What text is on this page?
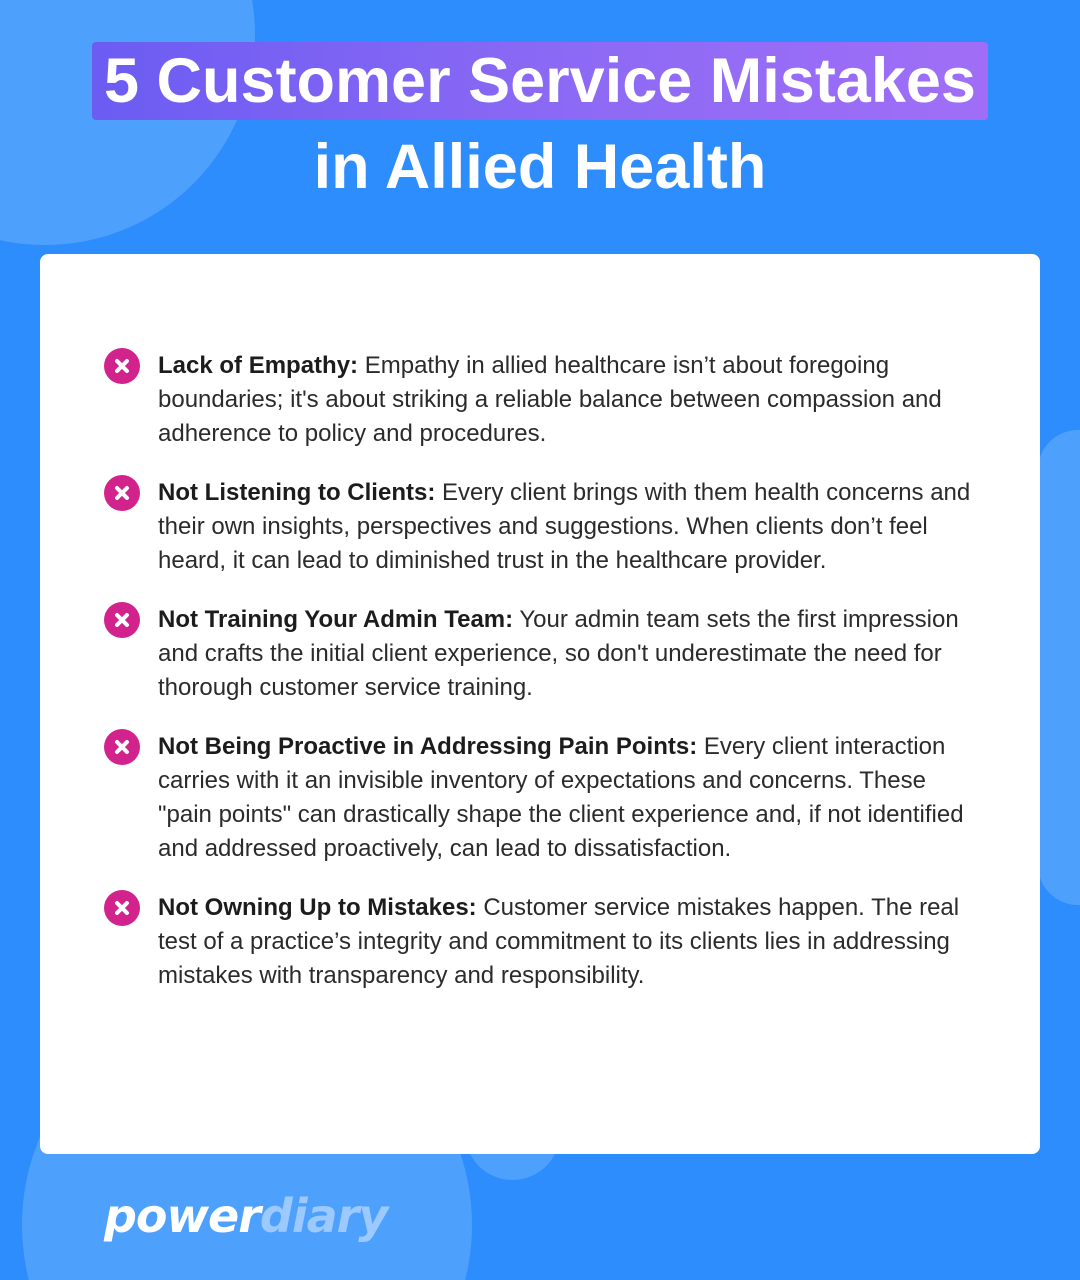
5 Customer Service Mistakes
in Allied Health
Lack of Empathy: Empathy in allied healthcare isn’t about foregoing boundaries; it's about striking a reliable balance between compassion and adherence to policy and procedures.
Not Listening to Clients: Every client brings with them health concerns and their own insights, perspectives and suggestions. When clients don’t feel heard, it can lead to diminished trust in the healthcare provider.
Not Training Your Admin Team: Your admin team sets the first impression and crafts the initial client experience, so don't underestimate the need for thorough customer service training.
Not Being Proactive in Addressing Pain Points: Every client interaction carries with it an invisible inventory of expectations and concerns. These "pain points" can drastically shape the client experience and, if not identified and addressed proactively, can lead to dissatisfaction.
Not Owning Up to Mistakes: Customer service mistakes happen. The real test of a practice’s integrity and commitment to its clients lies in addressing mistakes with transparency and responsibility.
powerdiary
